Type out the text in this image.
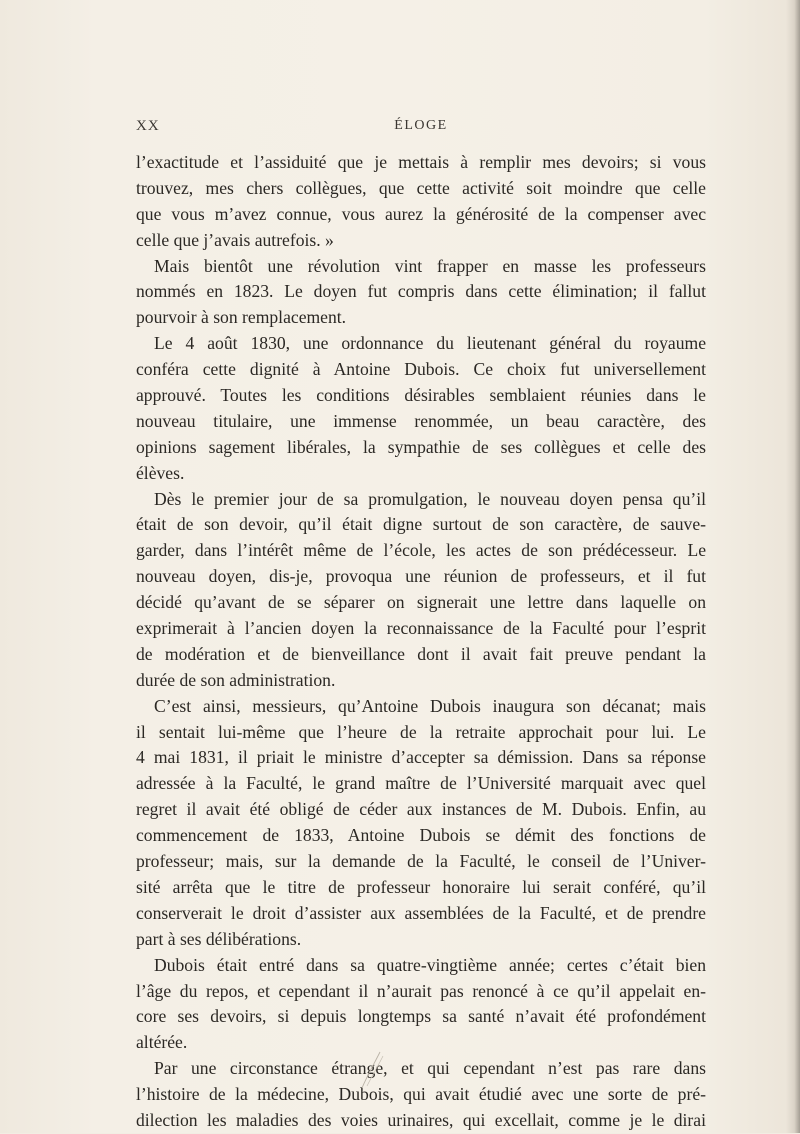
XX	ÉLOGE
l’exactitude et l’assiduité que je mettais à remplir mes devoirs; si vous
trouvez, mes chers collègues, que cette activité soit moindre que celle
que vous m’avez connue, vous aurez la générosité de la compenser avec
celle que j’avais autrefois. »
Mais bientôt une révolution vint frapper en masse les professeurs
nommés en 1823. Le doyen fut compris dans cette élimination; il fallut
pourvoir à son remplacement.
Le 4 août 1830, une ordonnance du lieutenant général du royaume
conféra cette dignité à Antoine Dubois. Ce choix fut universellement
approuvé. Toutes les conditions désirables semblaient réunies dans le
nouveau titulaire, une immense renommée, un beau caractère, des
opinions sagement libérales, la sympathie de ses collègues et celle des
élèves.
Dès le premier jour de sa promulgation, le nouveau doyen pensa qu’il
était de son devoir, qu’il était digne surtout de son caractère, de sauve-
garder, dans l’intérêt même de l’école, les actes de son prédécesseur. Le
nouveau doyen, dis-je, provoqua une réunion de professeurs, et il fut
décidé qu’avant de se séparer on signerait une lettre dans laquelle on
exprimerait à l’ancien doyen la reconnaissance de la Faculté pour l’esprit
de modération et de bienveillance dont il avait fait preuve pendant la
durée de son administration.
C’est ainsi, messieurs, qu’Antoine Dubois inaugura son décanat; mais
il sentait lui-même que l’heure de la retraite approchait pour lui. Le
4 mai 1831, il priait le ministre d’accepter sa démission. Dans sa réponse
adressée à la Faculté, le grand maître de l’Université marquait avec quel
regret il avait été obligé de céder aux instances de M. Dubois. Enfin, au
commencement de 1833, Antoine Dubois se démit des fonctions de
professeur; mais, sur la demande de la Faculté, le conseil de l’Univer-
sité arrêta que le titre de professeur honoraire lui serait conféré, qu’il
conserverait le droit d’assister aux assemblées de la Faculté, et de prendre
part à ses délibérations.
Dubois était entré dans sa quatre-vingtième année; certes c’était bien
l’âge du repos, et cependant il n’aurait pas renoncé à ce qu’il appelait en-
core ses devoirs, si depuis longtemps sa santé n’avait été profondément
altérée.
Par une circonstance étrange, et qui cependant n’est pas rare dans
l’histoire de la médecine, Dubois, qui avait étudié avec une sorte de pré-
dilection les maladies des voies urinaires, qui excellait, comme je le dirai
